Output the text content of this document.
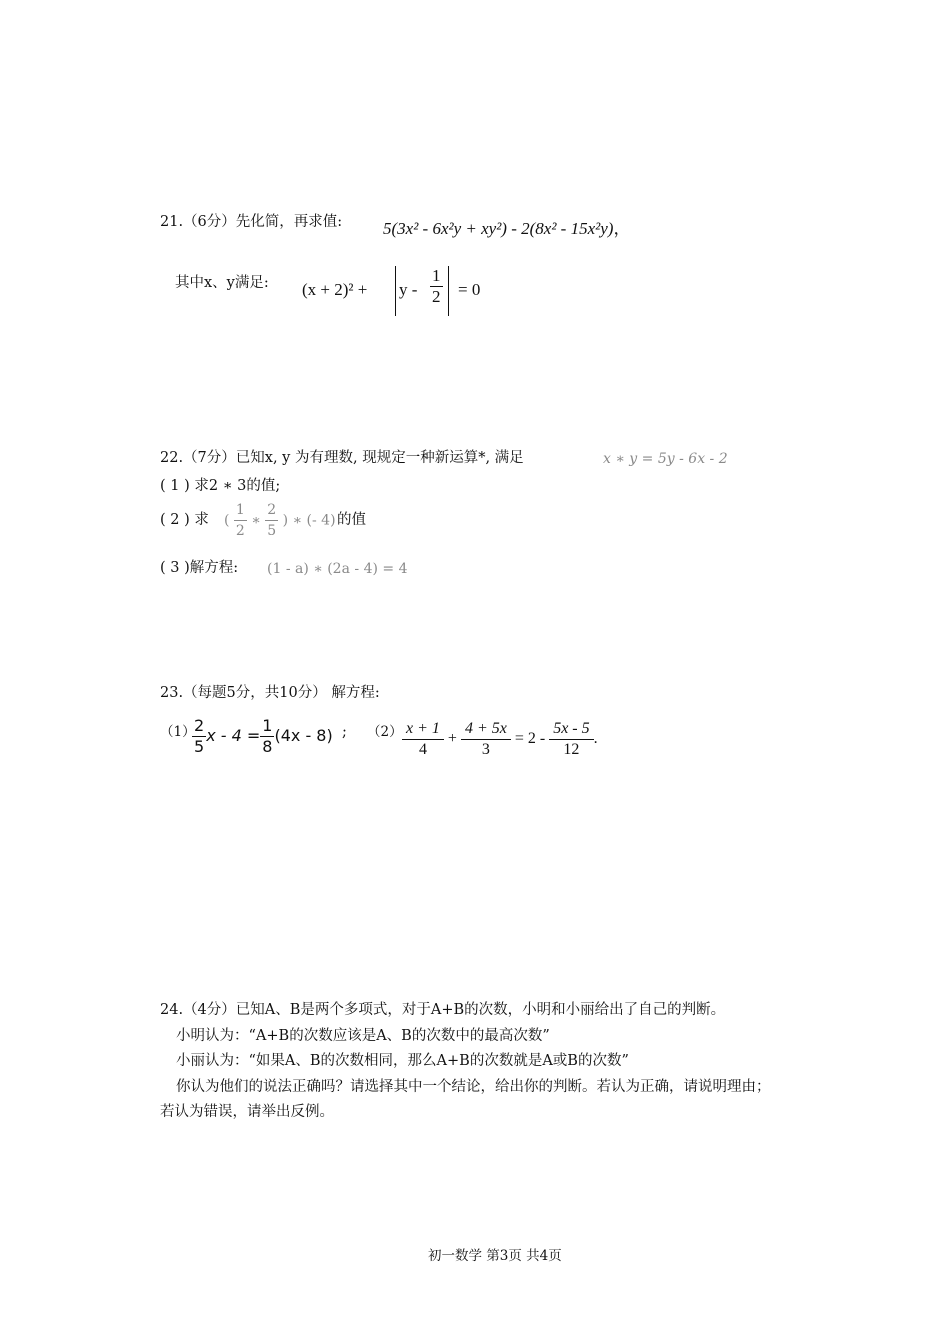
21.（6分）先化简，再求值: 5(3x² - 6x²y + xy²) - 2(8x² - 15x²y)，
其中x、y满足: $(x + 2)^2 + y - \frac{1}{2} = 0$
22.（7分）已知x, y 为有理数, 现规定一种新运算*, 满足	x ∗ y = 5y - 6x - 2
( 1 ) 求2 ∗ 3的值;
( 2 ) 求 ( $\frac{1}{2}$ ∗ $\frac{2}{5}$ ) ∗ (- 4) 的值
( 3 )解方程: (1 - a) ∗ (2a - 4) = 4
23.（每题5分，共10分） 解方程:
（1）
$\frac{2}{5}$ $x - 4 = \frac{1}{8} (4x - 8)$ ; $(2) \frac{x + 1}{4} + \frac{4 + 5x}{3} = 2 - \frac{5x - 5}{12}$ .
24.（4分）已知A、B是两个多项式，对于A+B的次数，小明和小丽给出了自己的判断。
小明认为：“A+B的次数应该是A、B的次数中的最高次数”
小丽认为：“如果A、B的次数相同，那么A+B的次数就是A或B的次数”
你认为他们的说法正确吗？请选择其中一个结论，给出你的判断。若认为正确，请说明理由；
若认为错误，请举出反例。
初一数学 第3页 共4页
